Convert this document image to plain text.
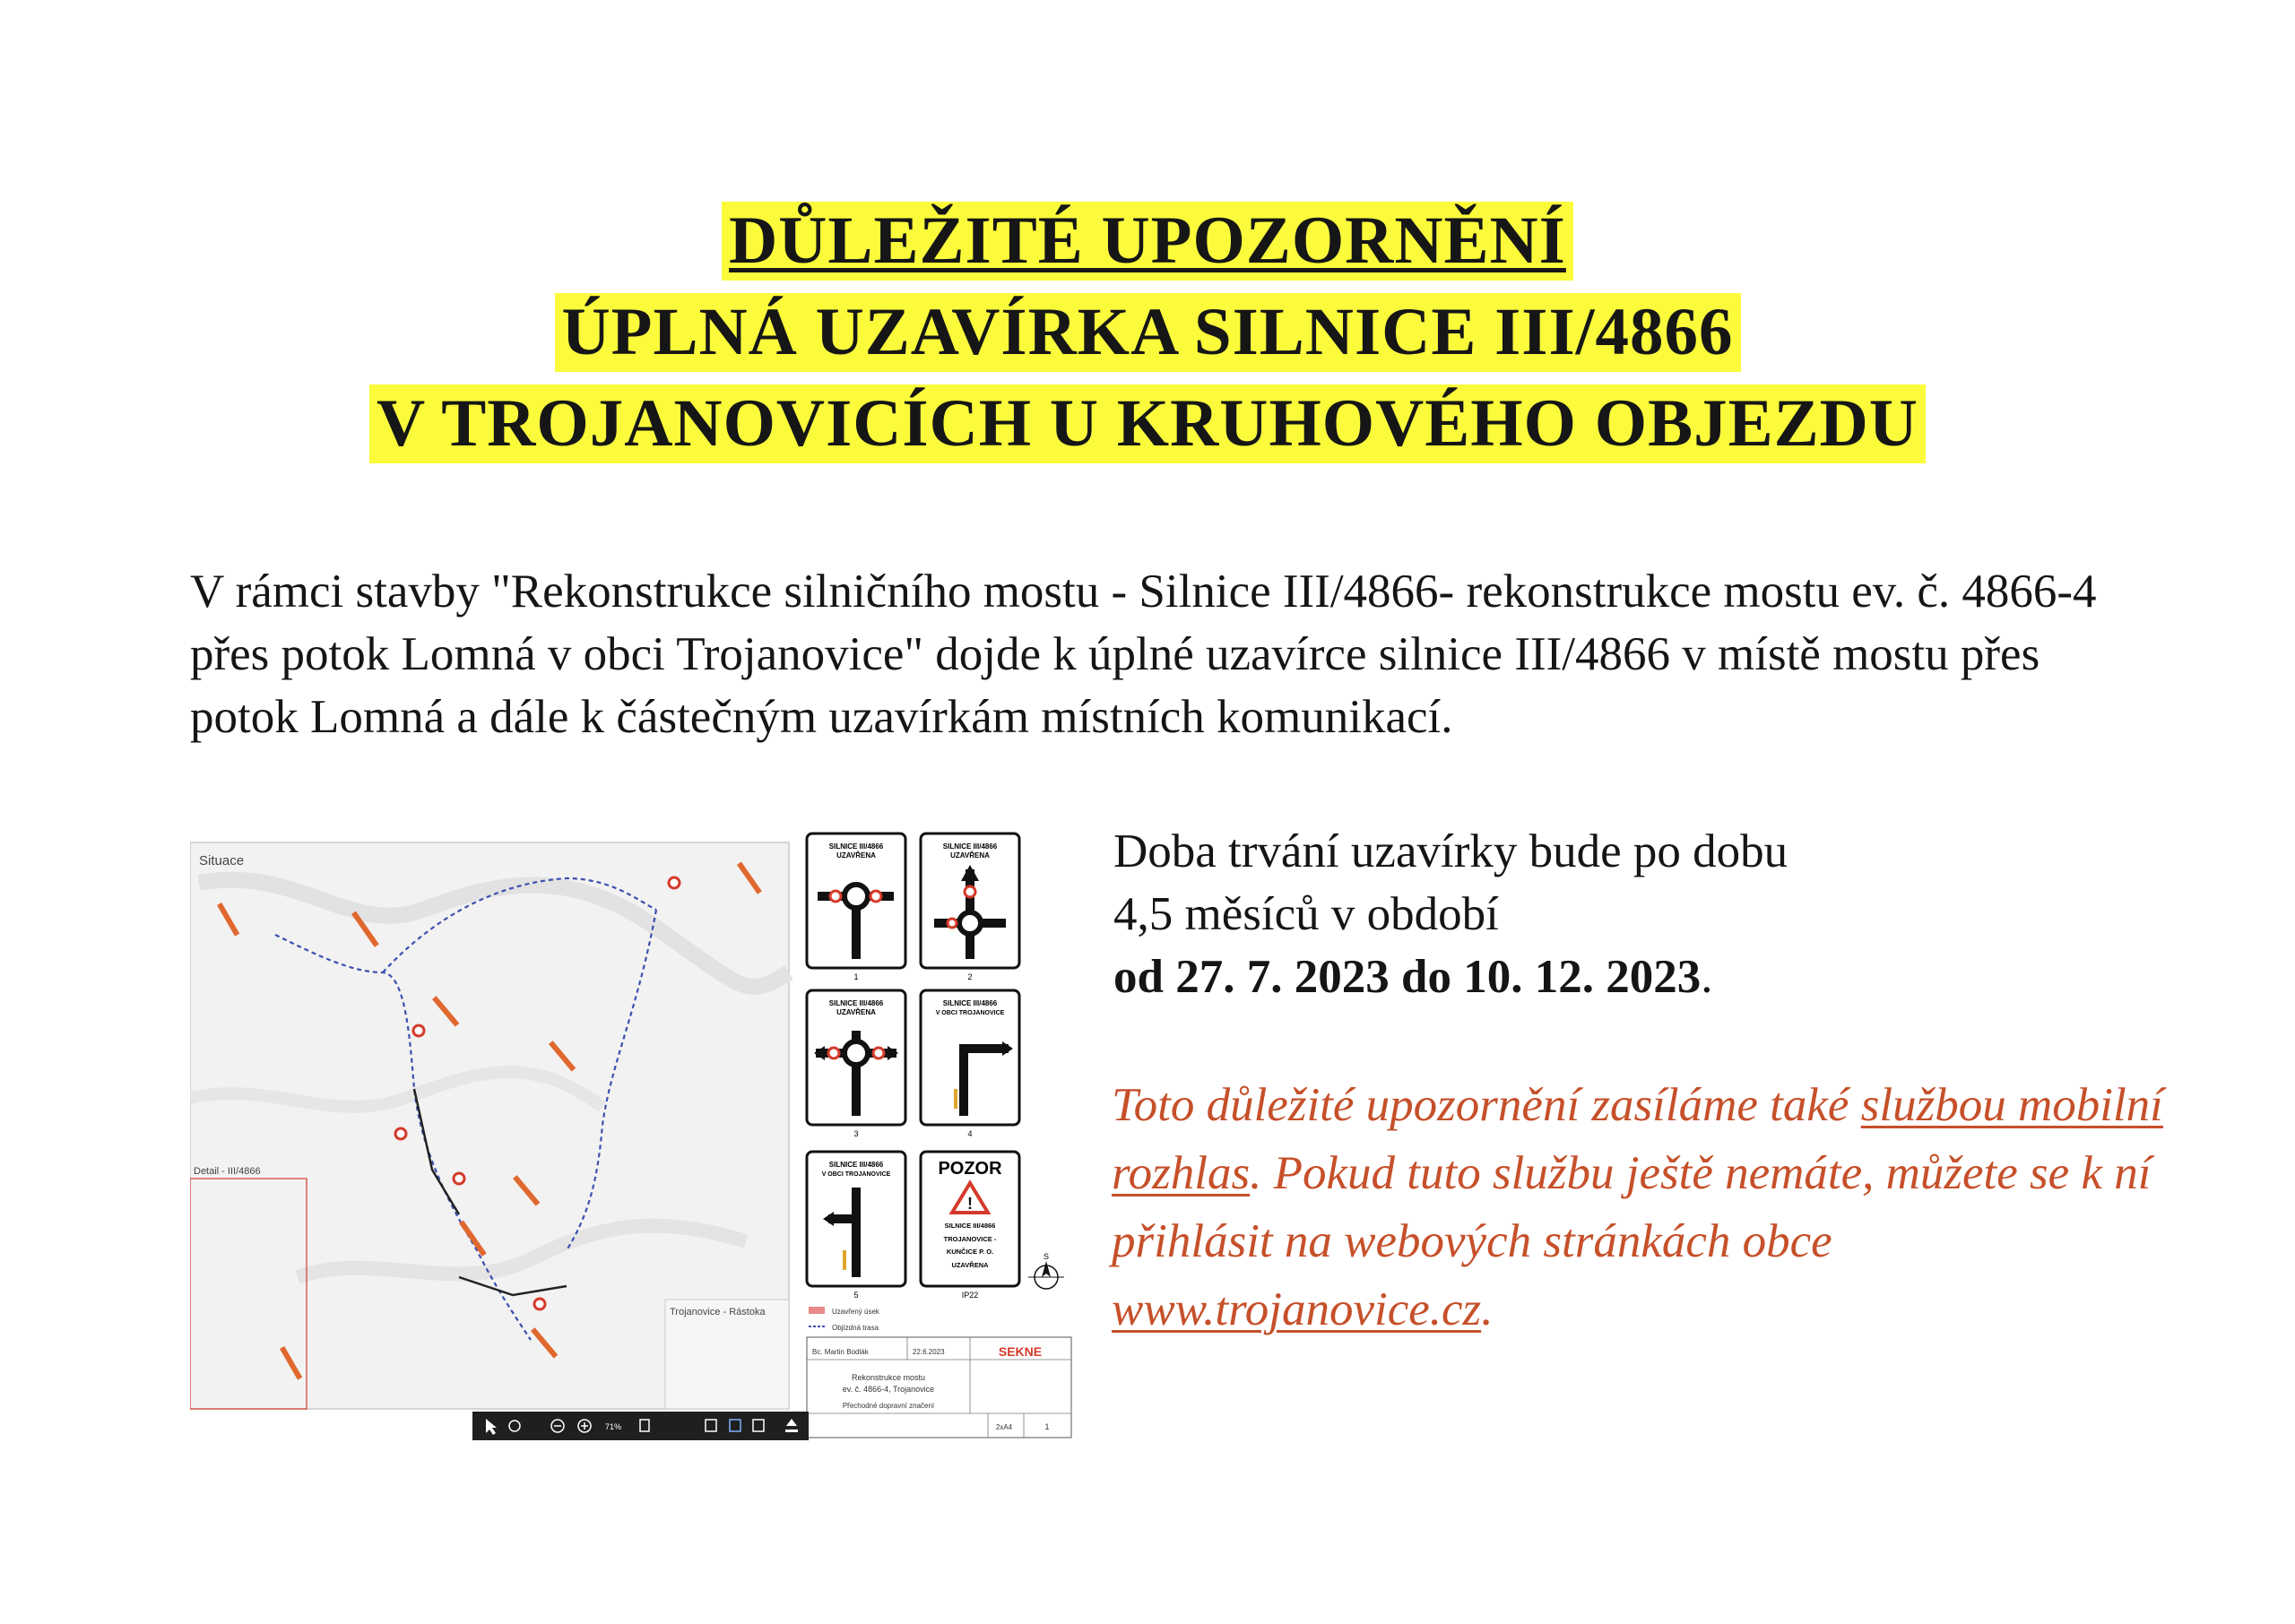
DŮLEŽITÉ UPOZORNĚNÍ
ÚPLNÁ UZAVÍRKA SILNICE III/4866
V TROJANOVICÍCH U KRUHOVÉHO OBJEZDU
V rámci stavby "Rekonstrukce silničního mostu - Silnice III/4866- rekonstrukce mostu ev. č. 4866-4 přes potok Lomná v obci Trojanovice" dojde k úplné uzavírce silnice III/4866 v místě mostu přes potok Lomná a dále k částečným uzavírkám místních komunikací.
Doba trvání uzavírky bude po dobu
4,5 měsíců v období
od 27. 7. 2023 do 10. 12. 2023.
Toto důležité upozornění zasíláme také službou mobilní rozhlas. Pokud tuto službu ještě nemáte, můžete se k ní přihlásit na webových stránkách obce www.trojanovice.cz.
Situace
Detail - III/4866
Trojanovice - Rástoka
SILNICE III/4866
UZAVŘENA
1
SILNICE III/4866
UZAVŘENA
2
SILNICE III/4866
UZAVŘENA
3
SILNICE III/4866
V OBCI TROJANOVICE
4
SILNICE III/4866
V OBCI TROJANOVICE
5
POZOR
!
SILNICE III/4866
TROJANOVICE -
KUNČICE P. O.
UZAVŘENA
IP22
S
Uzavřený úsek
Objízdná trasa
Bc. Martin Bodlák	22.6.2023	SEKNE
Rekonstrukce mostu
ev. č. 4866-4, Trojanovice
Přechodné dopravní značení
2xA4	1
71%
